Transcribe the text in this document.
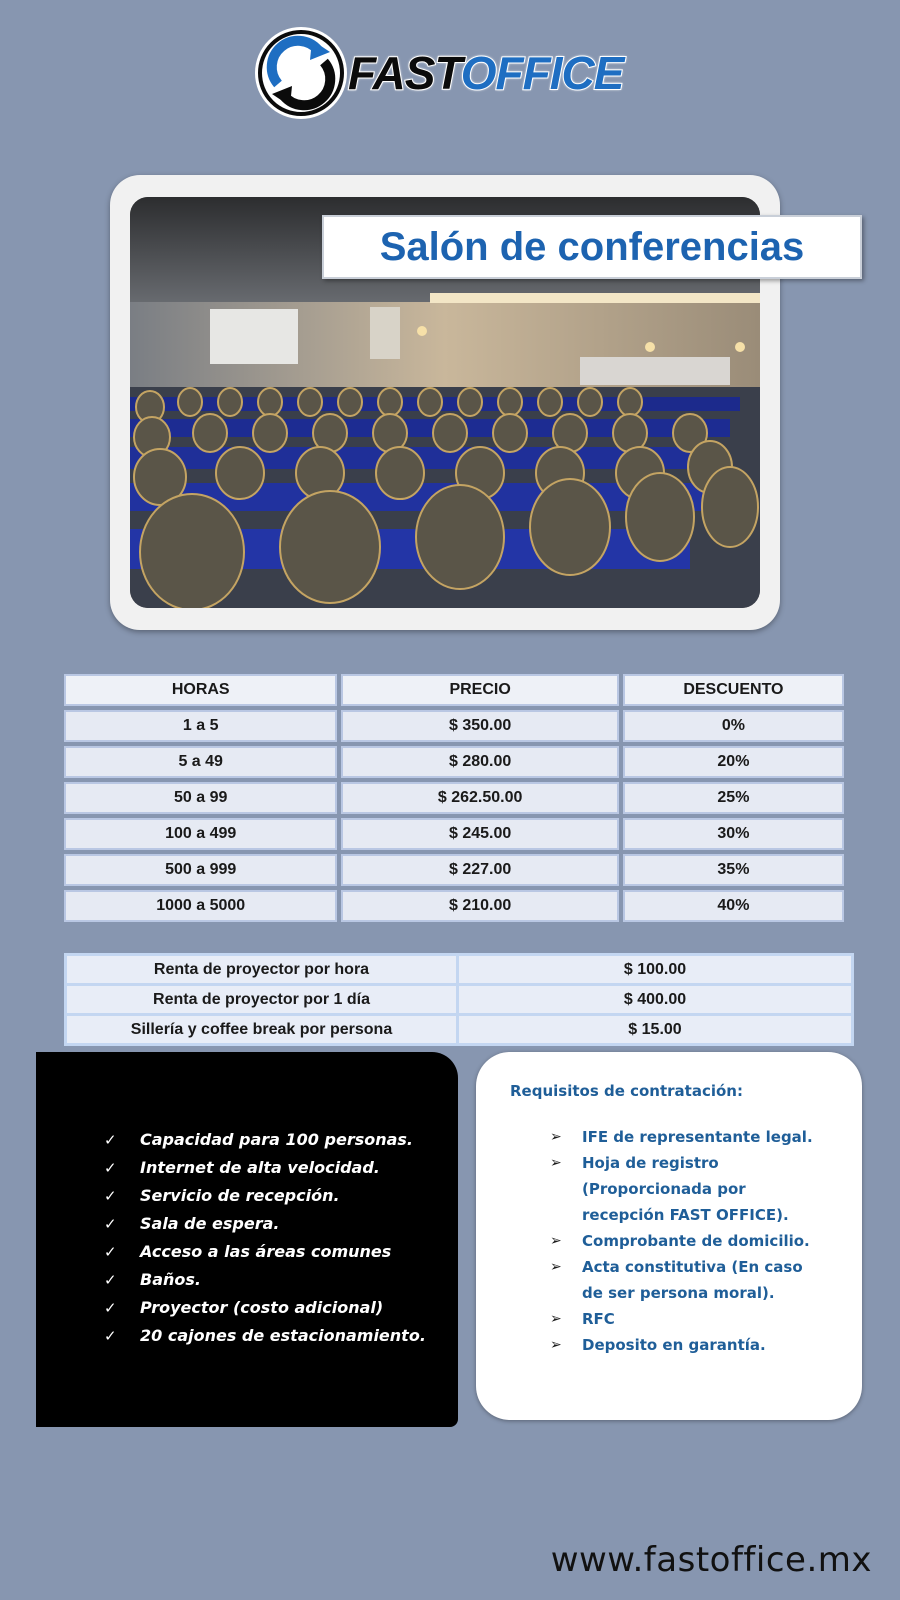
FASTOFFICE
Salón de conferencias
HORAS	PRECIO	DESCUENTO
1 a 5	$ 350.00	0%
5 a 49	$ 280.00	20%
50 a 99	$ 262.50.00	25%
100 a 499	$ 245.00	30%
500 a 999	$ 227.00	35%
1000 a 5000	$ 210.00	40%
Renta de proyector por hora	$ 100.00
Renta de proyector por 1 día	$ 400.00
Sillería y coffee break por persona	$ 15.00
✓	Capacidad para 100 personas.
✓	Internet de alta velocidad.
✓	Servicio de recepción.
✓	Sala de espera.
✓	Acceso a las áreas comunes
✓	Baños.
✓	Proyector (costo adicional)
✓	20 cajones de estacionamiento.
Requisitos de contratación:
➢	IFE de representante legal.
➢	Hoja de registro (Proporcionada por recepción FAST OFFICE).
➢	Comprobante de domicilio.
➢	Acta constitutiva (En caso de ser persona moral).
➢	RFC
➢	Deposito en garantía.
www.fastoffice.mx
